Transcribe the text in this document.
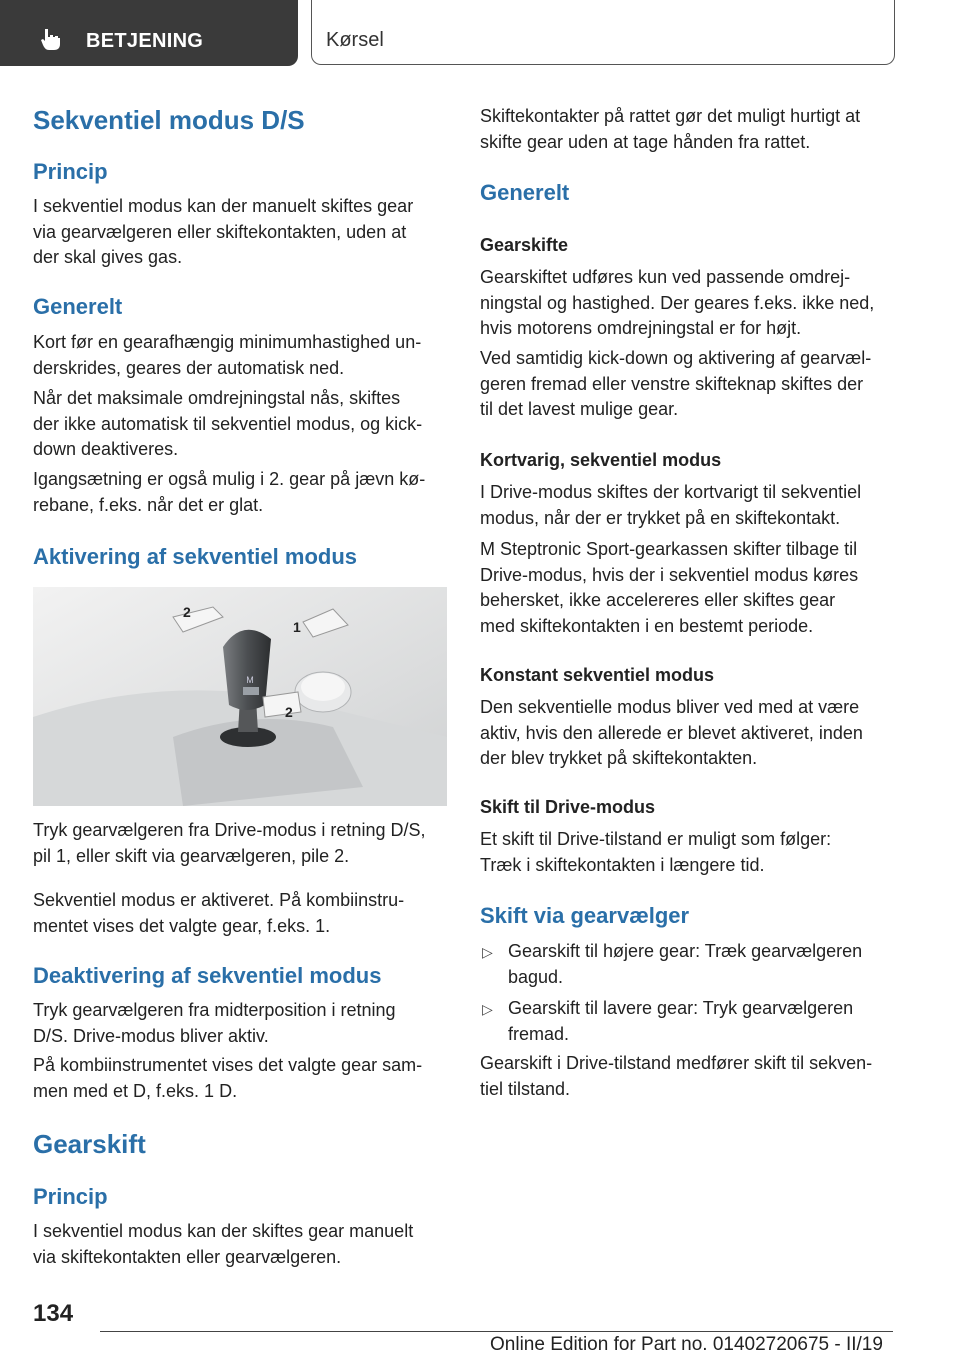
BETJENING	Kørsel
Sekventiel modus D/S
Princip
I sekventiel modus kan der manuelt skiftes gear
via gearvælgeren eller skiftekontakten, uden at
der skal gives gas.
Generelt
Kort før en gearafhængig minimumhastighed un-
derskrides, geares der automatisk ned.
Når det maksimale omdrejningstal nås, skiftes
der ikke automatisk til sekventiel modus, og kick-
down deaktiveres.
Igangsætning er også mulig i 2. gear på jævn kø-
rebane, f.eks. når det er glat.
Aktivering af sekventiel modus
M
2
1
2
Tryk gearvælgeren fra Drive-modus i retning D/S,
pil 1, eller skift via gearvælgeren, pile 2.
Sekventiel modus er aktiveret. På kombiinstru-
mentet vises det valgte gear, f.eks. 1.
Deaktivering af sekventiel modus
Tryk gearvælgeren fra midterposition i retning
D/S. Drive-modus bliver aktiv.
På kombiinstrumentet vises det valgte gear sam-
men med et D, f.eks. 1 D.
Gearskift
Princip
I sekventiel modus kan der skiftes gear manuelt
via skiftekontakten eller gearvælgeren.
Skiftekontakter på rattet gør det muligt hurtigt at
skifte gear uden at tage hånden fra rattet.
Generelt
Gearskifte
Gearskiftet udføres kun ved passende omdrej-
ningstal og hastighed. Der geares f.eks. ikke ned,
hvis motorens omdrejningstal er for højt.
Ved samtidig kick-down og aktivering af gearvæl-
geren fremad eller venstre skifteknap skiftes der
til det lavest mulige gear.
Kortvarig, sekventiel modus
I Drive-modus skiftes der kortvarigt til sekventiel
modus, når der er trykket på en skiftekontakt.
M Steptronic Sport-gearkassen skifter tilbage til
Drive-modus, hvis der i sekventiel modus køres
behersket, ikke accelereres eller skiftes gear
med skiftekontakten i en bestemt periode.
Konstant sekventiel modus
Den sekventielle modus bliver ved med at være
aktiv, hvis den allerede er blevet aktiveret, inden
der blev trykket på skiftekontakten.
Skift til Drive-modus
Et skift til Drive-tilstand er muligt som følger:
Træk i skiftekontakten i længere tid.
Skift via gearvælger
▷ Gearskift til højere gear: Træk gearvælgeren
bagud.
▷ Gearskift til lavere gear: Tryk gearvælgeren
fremad.
Gearskift i Drive-tilstand medfører skift til sekven-
tiel tilstand.
134
Online Edition for Part no. 01402720675 - II/19
